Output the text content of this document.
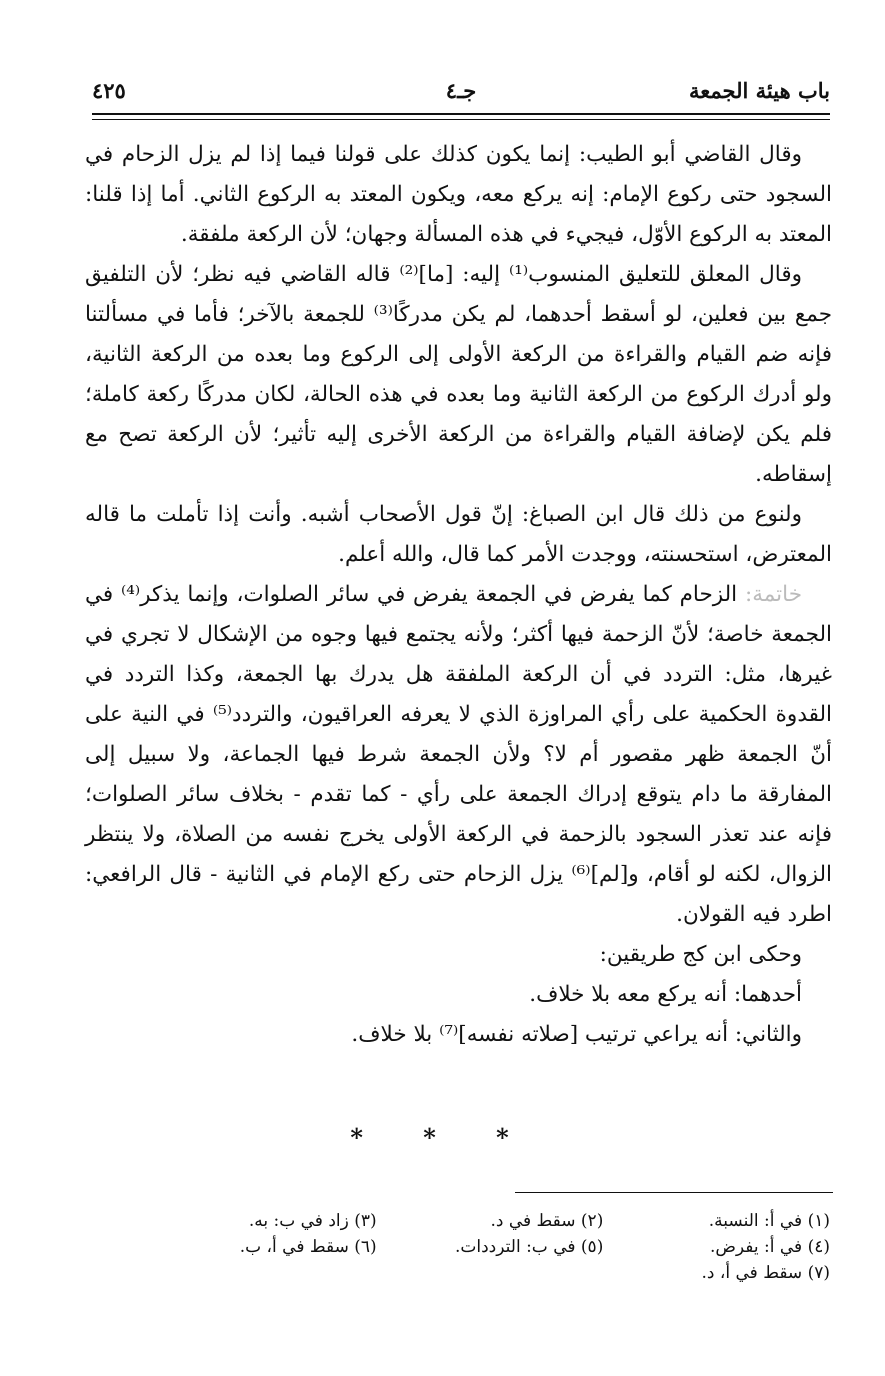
باب هيئة الجمعة
جـ٤
٤٢٥

وقال القاضي أبو الطيب: إنما يكون كذلك على قولنا فيما إذا لم يزل الزحام في السجود حتى ركوع الإمام: إنه يركع معه، ويكون المعتد به الركوع الثاني. أما إذا قلنا: المعتد به الركوع الأوّل، فيجيء في هذه المسألة وجهان؛ لأن الركعة ملفقة.

وقال المعلق للتعليق المنسوب⁽¹⁾ إليه: [ما]⁽²⁾ قاله القاضي فيه نظر؛ لأن التلفيق جمع بين فعلين، لو أسقط أحدهما، لم يكن مدركًا⁽³⁾ للجمعة بالآخر؛ فأما في مسألتنا فإنه ضم القيام والقراءة من الركعة الأولى إلى الركوع وما بعده من الركعة الثانية، ولو أدرك الركوع من الركعة الثانية وما بعده في هذه الحالة، لكان مدركًا ركعة كاملة؛ فلم يكن لإضافة القيام والقراءة من الركعة الأخرى إليه تأثير؛ لأن الركعة تصح مع إسقاطه.

ولنوع من ذلك قال ابن الصباغ: إنّ قول الأصحاب أشبه. وأنت إذا تأملت ما قاله المعترض، استحسنته، ووجدت الأمر كما قال، والله أعلم.

خاتمة: الزحام كما يفرض في الجمعة يفرض في سائر الصلوات، وإنما يذكر⁽⁴⁾ في الجمعة خاصة؛ لأنّ الزحمة فيها أكثر؛ ولأنه يجتمع فيها وجوه من الإشكال لا تجري في غيرها، مثل: التردد في أن الركعة الملفقة هل يدرك بها الجمعة، وكذا التردد في القدوة الحكمية على رأي المراوزة الذي لا يعرفه العراقيون، والتردد⁽⁵⁾ في النية على أنّ الجمعة ظهر مقصور أم لا؟ ولأن الجمعة شرط فيها الجماعة، ولا سبيل إلى المفارقة ما دام يتوقع إدراك الجمعة على رأي - كما تقدم - بخلاف سائر الصلوات؛ فإنه عند تعذر السجود بالزحمة في الركعة الأولى يخرج نفسه من الصلاة، ولا ينتظر الزوال، لكنه لو أقام، و[لم]⁽⁶⁾ يزل الزحام حتى ركع الإمام في الثانية - قال الرافعي: اطرد فيه القولان.

وحكى ابن كج طريقين:

أحدهما: أنه يركع معه بلا خلاف.

والثاني: أنه يراعي ترتيب [صلاته نفسه]⁽⁷⁾ بلا خلاف.

* * *
(١) في أ: النسبة.
(٢) سقط في د.
(٣) زاد في ب: به.
(٤) في أ: يفرض.
(٥) في ب: الترددات.
(٦) سقط في أ، ب.
(٧) سقط في أ، د.
